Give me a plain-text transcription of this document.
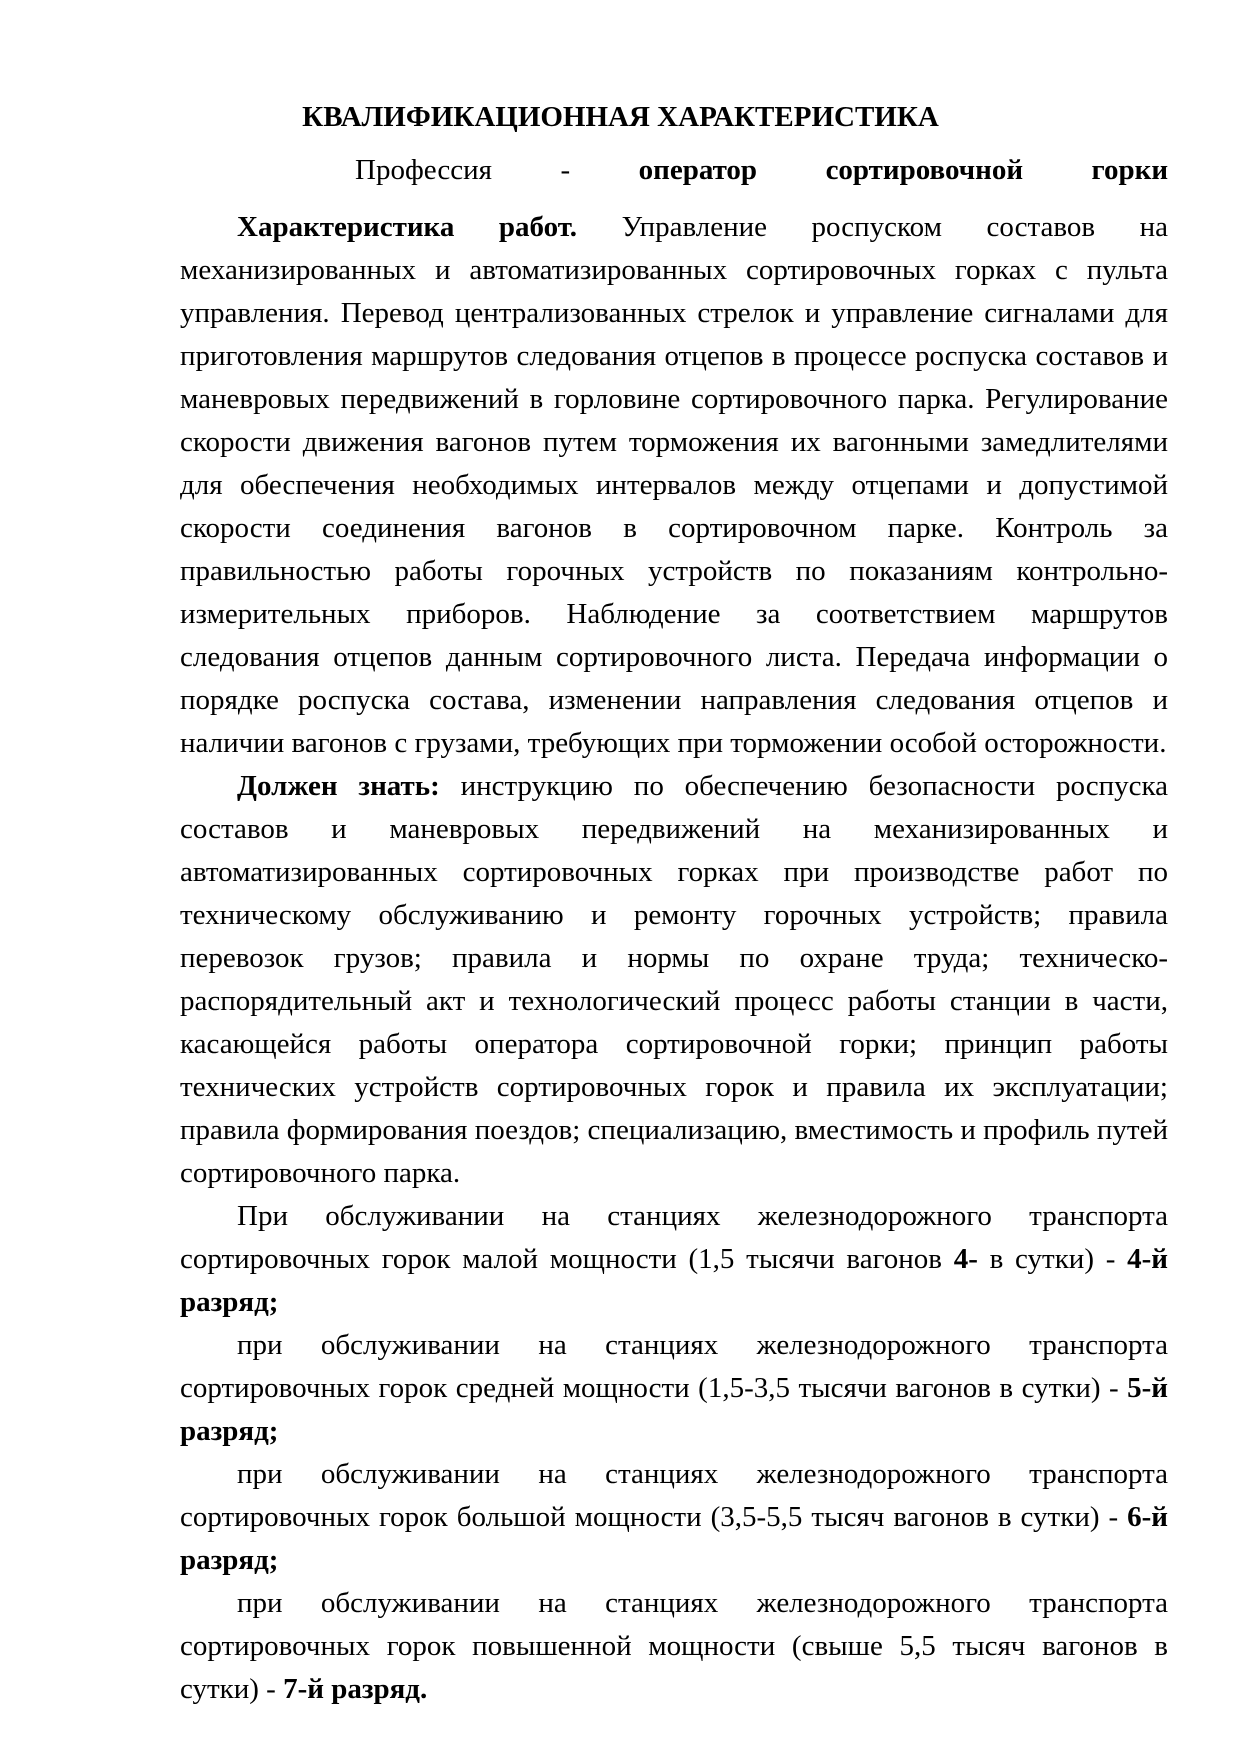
КВАЛИФИКАЦИОННАЯ ХАРАКТЕРИСТИКА

Профессия - оператор сортировочной горки

Характеристика работ. Управление роспуском составов на механизированных и автоматизированных сортировочных горках с пульта управления. Перевод централизованных стрелок и управление сигналами для приготовления маршрутов следования отцепов в процессе роспуска составов и маневровых передвижений в горловине сортировочного парка. Регулирование скорости движения вагонов путем торможения их вагонными замедлителями для обеспечения необходимых интервалов между отцепами и допустимой скорости соединения вагонов в сортировочном парке. Контроль за правильностью работы горочных устройств по показаниям контрольно-измерительных приборов. Наблюдение за соответствием маршрутов следования отцепов данным сортировочного листа. Передача информации о порядке роспуска состава, изменении направления следования отцепов и наличии вагонов с грузами, требующих при торможении особой осторожности.

Должен знать: инструкцию по обеспечению безопасности роспуска составов и маневровых передвижений на механизированных и автоматизированных сортировочных горках при производстве работ по техническому обслуживанию и ремонту горочных устройств; правила перевозок грузов; правила и нормы по охране труда; техническо-распорядительный акт и технологический процесс работы станции в части, касающейся работы оператора сортировочной горки; принцип работы технических устройств сортировочных горок и правила их эксплуатации; правила формирования поездов; специализацию, вместимость и профиль путей сортировочного парка.

При обслуживании на станциях железнодорожного транспорта сортировочных горок малой мощности (1,5 тысячи вагонов 4- в сутки) - 4-й разряд;

при обслуживании на станциях железнодорожного транспорта сортировочных горок средней мощности (1,5-3,5 тысячи вагонов в сутки) - 5-й разряд;

при обслуживании на станциях железнодорожного транспорта сортировочных горок большой мощности (3,5-5,5 тысяч вагонов в сутки) - 6-й разряд;

при обслуживании на станциях железнодорожного транспорта сортировочных горок повышенной мощности (свыше 5,5 тысяч вагонов в сутки) - 7-й разряд.
